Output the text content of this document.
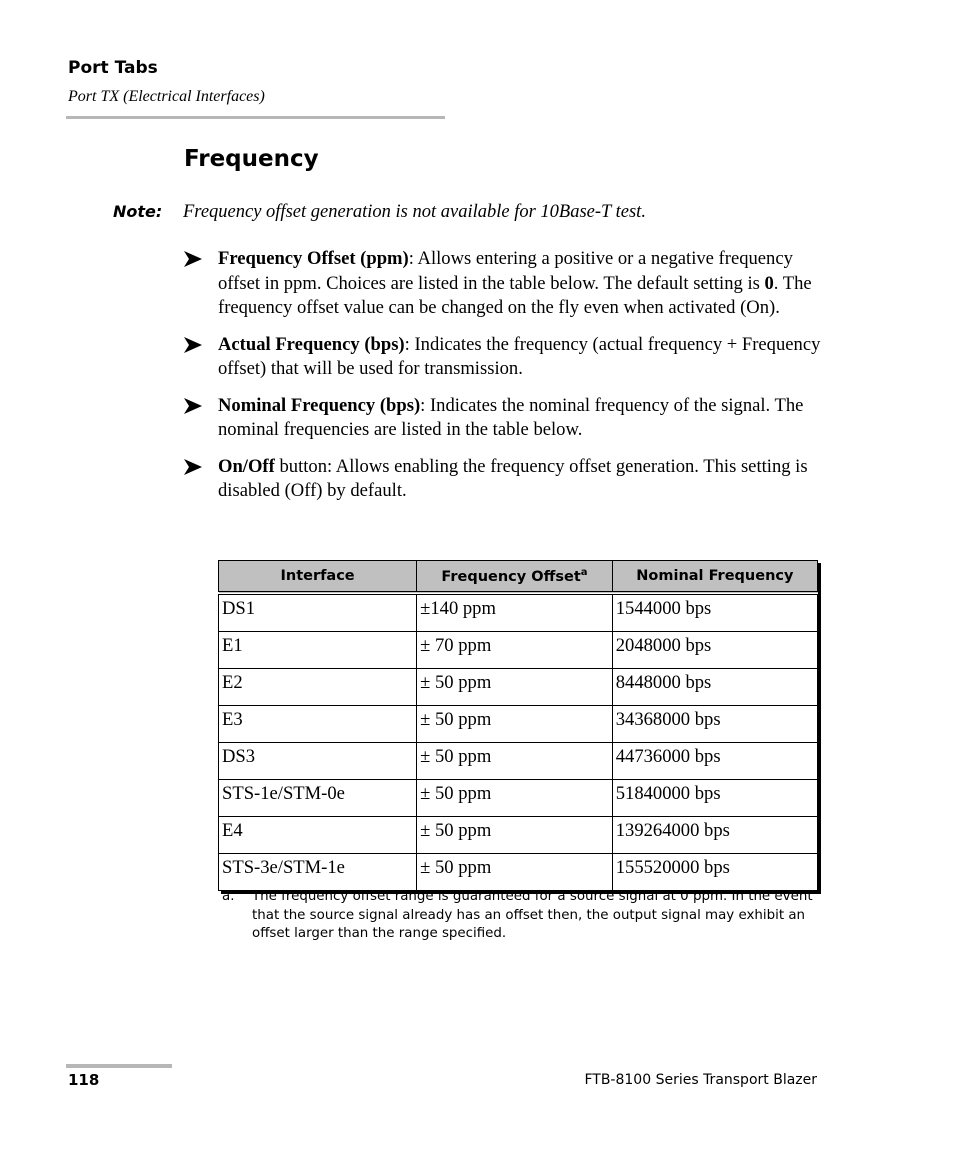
Port Tabs
Port TX (Electrical Interfaces)
Frequency
Note: Frequency offset generation is not available for 10Base-T test.
Frequency Offset (ppm): Allows entering a positive or a negative frequency offset in ppm. Choices are listed in the table below. The default setting is 0. The frequency offset value can be changed on the fly even when activated (On).
Actual Frequency (bps): Indicates the frequency (actual frequency + Frequency offset) that will be used for transmission.
Nominal Frequency (bps): Indicates the nominal frequency of the signal. The nominal frequencies are listed in the table below.
On/Off button: Allows enabling the frequency offset generation. This setting is disabled (Off) by default.
Interface	Frequency Offset$^a$	Nominal Frequency
DS1	±140 ppm	1544000 bps
E1	± 70 ppm	2048000 bps
E2	± 50 ppm	8448000 bps
E3	± 50 ppm	34368000 bps
DS3	± 50 ppm	44736000 bps
STS-1e/STM-0e	± 50 ppm	51840000 bps
E4	± 50 ppm	139264000 bps
STS-3e/STM-1e	± 50 ppm	155520000 bps
a. The frequency offset range is guaranteed for a source signal at 0 ppm. In the event that the source signal already has an offset then, the output signal may exhibit an offset larger than the range specified.
118	FTB-8100 Series Transport Blazer
